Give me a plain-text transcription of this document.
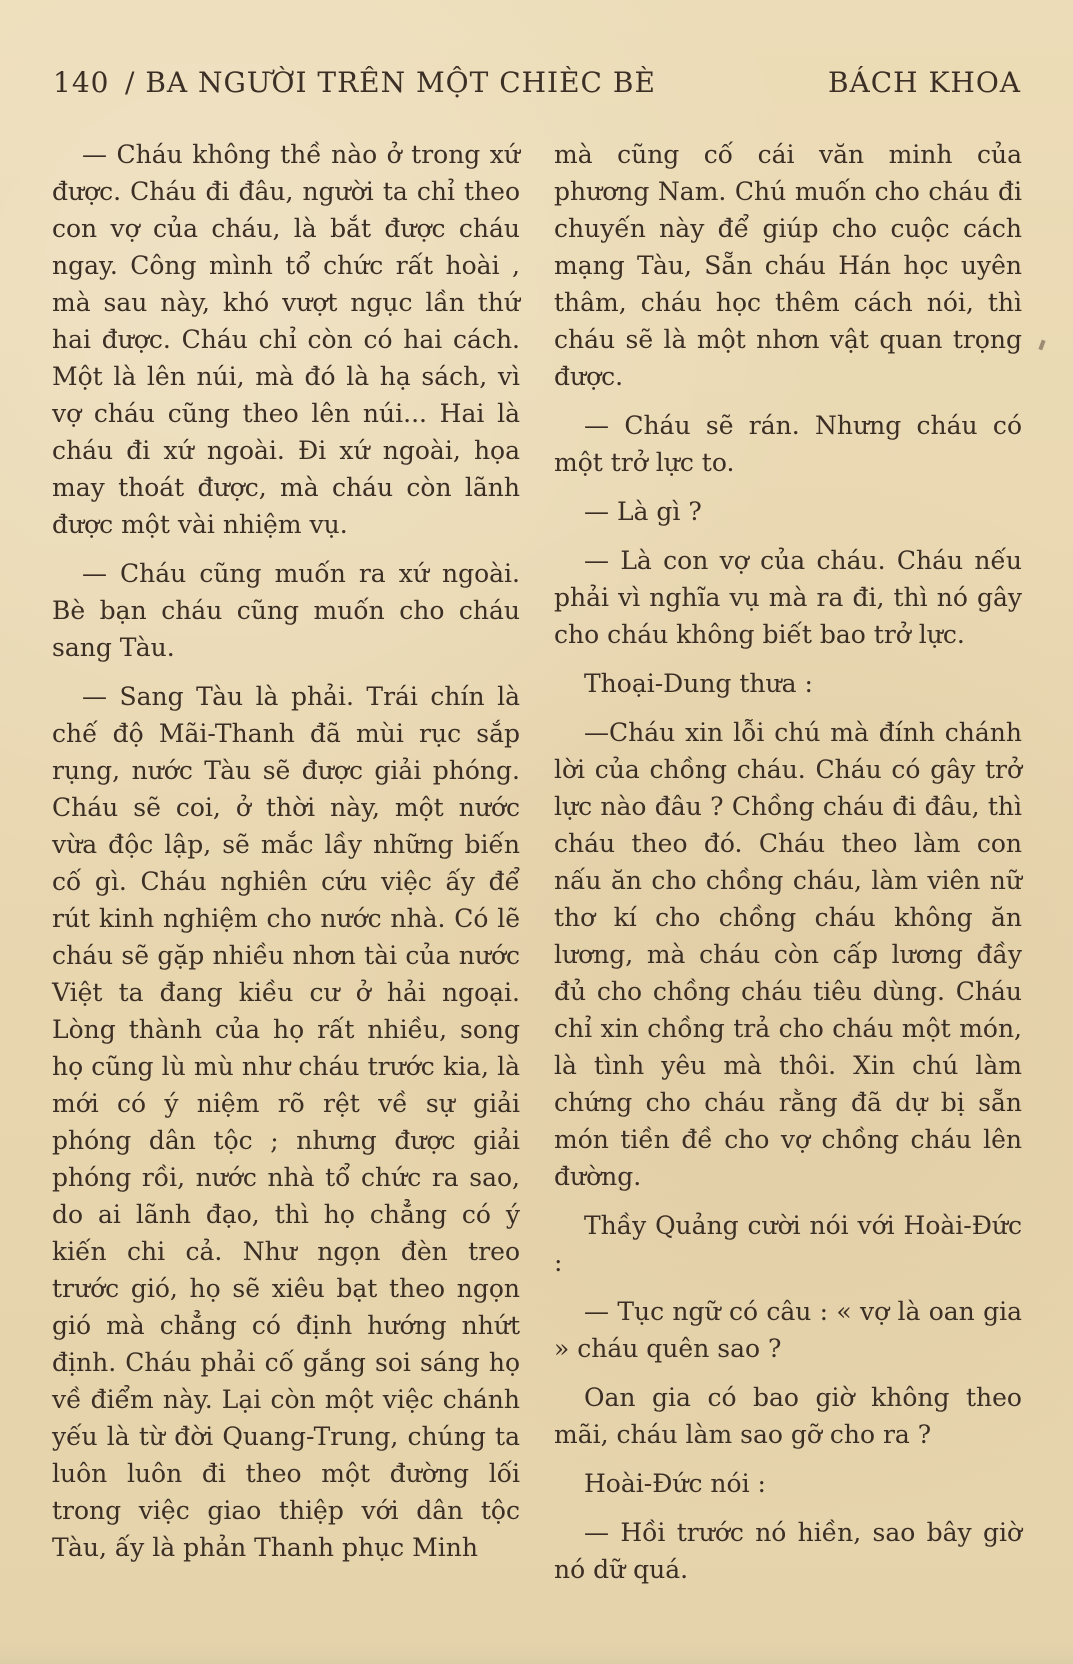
140 / BA NGƯỜI TRÊN MỘT CHIÈC BÈ	BÁCH KHOA

— Cháu không thề nào ở trong xứ được. Cháu đi đâu, người ta chỉ theo con vợ của cháu, là bắt được cháu ngay. Công mình tổ chức rất hoài , mà sau này, khó vượt ngục lần thứ hai được. Cháu chỉ còn có hai cách. Một là lên núi, mà đó là hạ sách, vì vợ cháu cũng theo lên núi... Hai là cháu đi xứ ngoài. Đi xứ ngoài, họa may thoát được, mà cháu còn lãnh được một vài nhiệm vụ.

— Cháu cũng muốn ra xứ ngoài. Bè bạn cháu cũng muốn cho cháu sang Tàu.

— Sang Tàu là phải. Trái chín là chế độ Mãi-Thanh đã mùi rục sắp rụng, nước Tàu sẽ được giải phóng. Cháu sẽ coi, ở thời này, một nước vừa độc lập, sẽ mắc lầy những biến cố gì. Cháu nghiên cứu việc ấy để rút kinh nghiệm cho nước nhà. Có lẽ cháu sẽ gặp nhiều nhơn tài của nước Việt ta đang kiều cư ở hải ngoại. Lòng thành của họ rất nhiều, song họ cũng lù mù như cháu trước kia, là mới có ý niệm rõ rệt về sự giải phóng dân tộc ; nhưng được giải phóng rồi, nước nhà tổ chức ra sao, do ai lãnh đạo, thì họ chẳng có ý kiến chi cả. Như ngọn đèn treo trước gió, họ sẽ xiêu bạt theo ngọn gió mà chẳng có định hướng nhứt định. Cháu phải cố gắng soi sáng họ về điểm này. Lại còn một việc chánh yếu là từ đời Quang-Trung, chúng ta luôn luôn đi theo một đường lối trong việc giao thiệp với dân tộc Tàu, ấy là phản Thanh phục Minh

mà cũng cố cái văn minh của phương Nam. Chú muốn cho cháu đi chuyến này để giúp cho cuộc cách mạng Tàu, Sẵn cháu Hán học uyên thâm, cháu học thêm cách nói, thì cháu sẽ là một nhơn vật quan trọng được.

— Cháu sẽ rán. Nhưng cháu có một trở lực to.

— Là gì ?

— Là con vợ của cháu. Cháu nếu phải vì nghĩa vụ mà ra đi, thì nó gây cho cháu không biết bao trở lực.

Thoại-Dung thưa :

—Cháu xin lỗi chú mà đính chánh lời của chồng cháu. Cháu có gây trở lực nào đâu ? Chồng cháu đi đâu, thì cháu theo đó. Cháu theo làm con nấu ăn cho chồng cháu, làm viên nữ thơ kí cho chồng cháu không ăn lương, mà cháu còn cấp lương đầy đủ cho chồng cháu tiêu dùng. Cháu chỉ xin chồng trả cho cháu một món, là tình yêu mà thôi. Xin chú làm chứng cho cháu rằng đã dự bị sẵn món tiền đề cho vợ chồng cháu lên đường.

Thầy Quảng cười nói với Hoài-Đức :

— Tục ngữ có câu : « vợ là oan gia » cháu quên sao ?

Oan gia có bao giờ không theo mãi, cháu làm sao gỡ cho ra ?

Hoài-Đức nói :

— Hồi trước nó hiền, sao bây giờ nó dữ quá.
